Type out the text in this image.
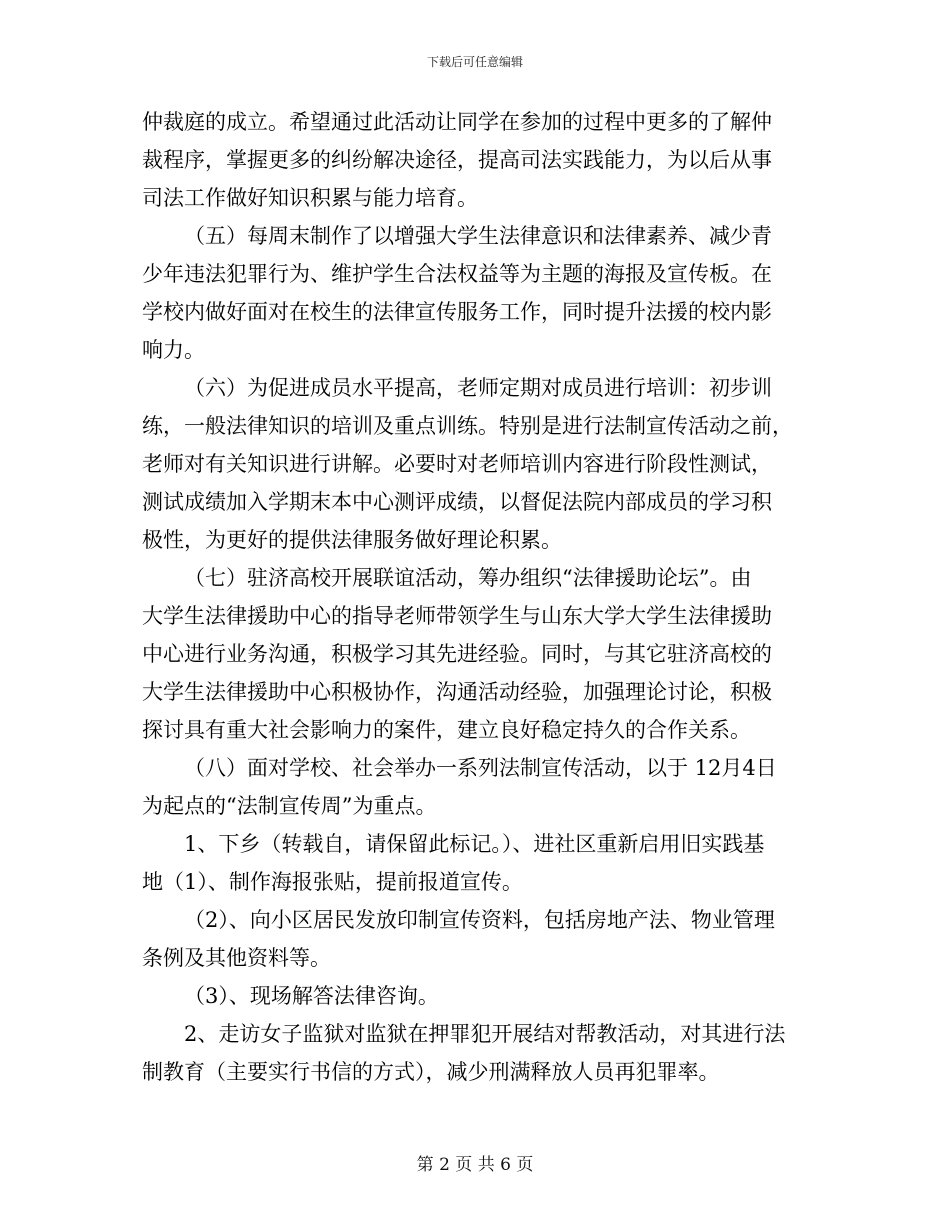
下载后可任意编辑
仲裁庭的成立。希望通过此活动让同学在参加的过程中更多的了解仲
裁程序，掌握更多的纠纷解决途径，提高司法实践能力，为以后从事
司法工作做好知识积累与能力培育。
（五）每周末制作了以增强大学生法律意识和法律素养、减少青
少年违法犯罪行为、维护学生合法权益等为主题的海报及宣传板。在
学校内做好面对在校生的法律宣传服务工作，同时提升法援的校内影
响力。
（六）为促进成员水平提高，老师定期对成员进行培训：初步训
练，一般法律知识的培训及重点训练。特别是进行法制宣传活动之前，
老师对有关知识进行讲解。必要时对老师培训内容进行阶段性测试，
测试成绩加入学期末本中心测评成绩，以督促法院内部成员的学习积
极性，为更好的提供法律服务做好理论积累。
（七）驻济高校开展联谊活动，筹办组织“法律援助论坛”。由
大学生法律援助中心的指导老师带领学生与山东大学大学生法律援助
中心进行业务沟通，积极学习其先进经验。同时，与其它驻济高校的
大学生法律援助中心积极协作，沟通活动经验，加强理论讨论，积极
探讨具有重大社会影响力的案件，建立良好稳定持久的合作关系。
（八）面对学校、社会举办一系列法制宣传活动，以于 12月4日
为起点的“法制宣传周”为重点。
1、下乡（转载自，请保留此标记。）、进社区重新启用旧实践基
地（1）、制作海报张贴，提前报道宣传。
（2）、向小区居民发放印制宣传资料，包括房地产法、物业管理
条例及其他资料等。
（3）、现场解答法律咨询。
2、走访女子监狱对监狱在押罪犯开展结对帮教活动，对其进行法
制教育（主要实行书信的方式），减少刑满释放人员再犯罪率。
第 2 页 共 6 页
